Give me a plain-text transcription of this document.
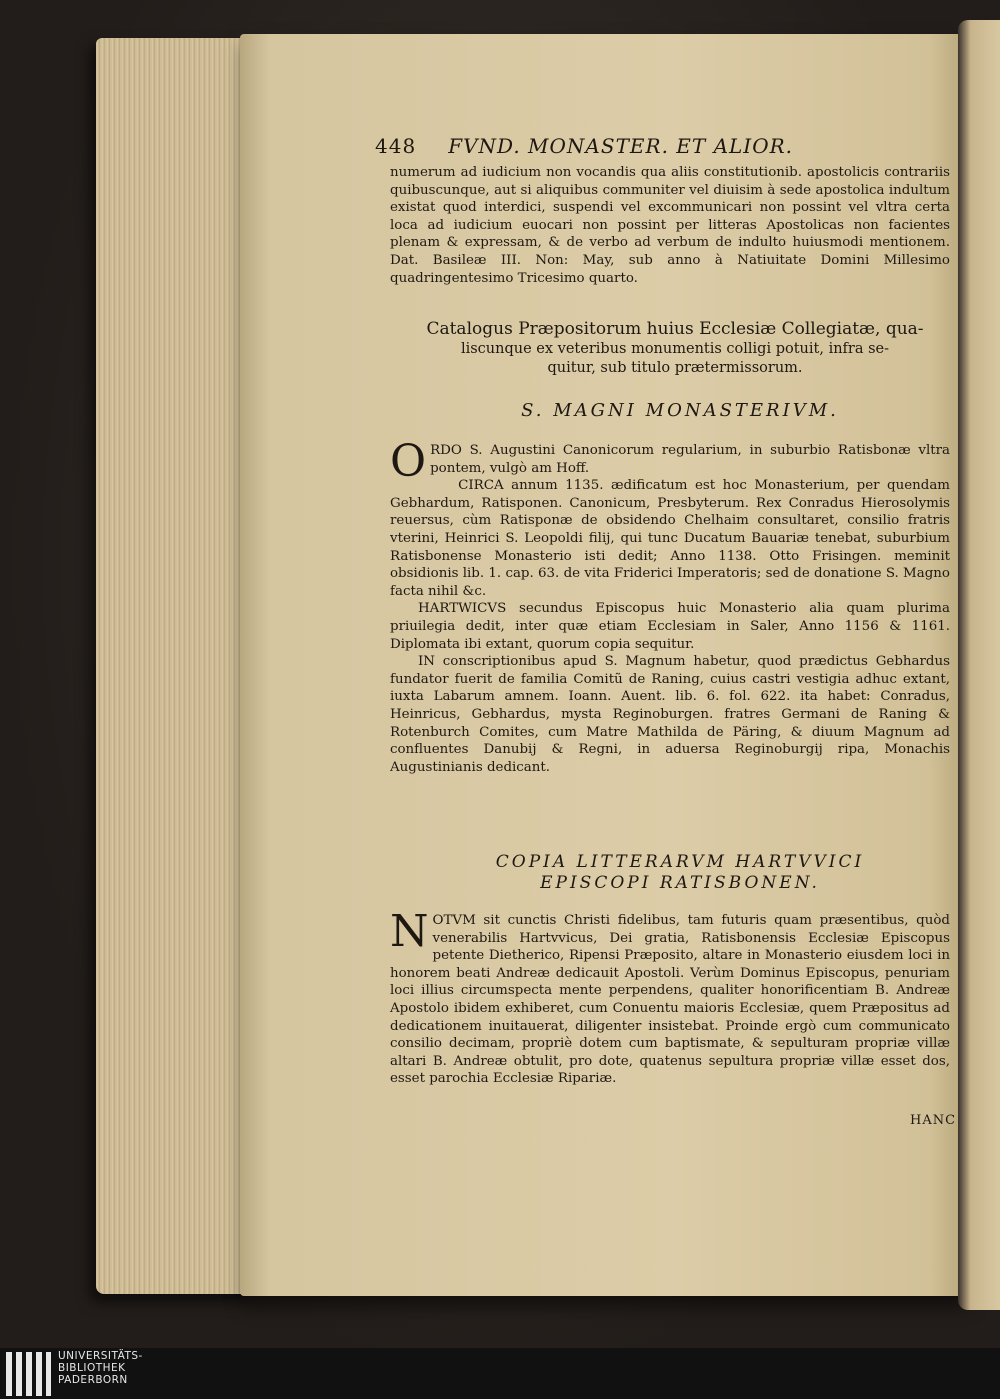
448 FVND. MONASTER. ET ALIOR.

numerum ad iudicium non vocandis qua aliis constitutionib. apostolicis contrariis quibuscunque, aut si aliquibus communiter vel diuisim à sede apostolica indultum existat quod interdici, suspendi vel excommunicari non possint vel vltra certa loca ad iudicium euocari non possint per litteras Apostolicas non facientes plenam & expressam, & de verbo ad verbum de indulto huiusmodi mentionem. Dat. Basileæ III. Non: May, sub anno à Natiuitate Domini Millesimo quadringentesimo Tricesimo quarto.

Catalogus Præpositorum huius Ecclesiæ Collegiatæ, qua-
liscunque ex veteribus monumentis colligi potuit, infra se-
quitur, sub titulo prætermissorum.
S. MAGNI MONASTERIVM.

ORDO S. Augustini Canonicorum regularium, in suburbio Ratisbonæ vltra pontem, vulgò am Hoff.

CIRCA annum 1135. ædificatum est hoc Monasterium, per quendam Gebhardum, Ratisponen. Canonicum, Presbyterum. Rex Conradus Hierosolymis reuersus, cùm Ratisponæ de obsidendo Chelhaim consultaret, consilio fratris vterini, Heinrici S. Leopoldi filij, qui tunc Ducatum Bauariæ tenebat, suburbium Ratisbonense Monasterio isti dedit; Anno 1138. Otto Frisingen. meminit obsidionis lib. 1. cap. 63. de vita Friderici Imperatoris; sed de donatione S. Magno facta nihil &c.

HARTWICVS secundus Episcopus huic Monasterio alia quam plurima priuilegia dedit, inter quæ etiam Ecclesiam in Saler, Anno 1156 & 1161. Diplomata ibi extant, quorum copia sequitur.

IN conscriptionibus apud S. Magnum habetur, quod prædictus Gebhardus fundator fuerit de familia Comitũ de Raning, cuius castri vestigia adhuc extant, iuxta Labarum amnem. Ioann. Auent. lib. 6. fol. 622. ita habet: Conradus, Heinricus, Gebhardus, mysta Reginoburgen. fratres Germani de Raning & Rotenburch Comites, cum Matre Mathilda de Päring, & diuum Magnum ad confluentes Danubij & Regni, in aduersa Reginoburgij ripa, Monachis Augustinianis dedicant.

COPIA LITTERARVM HARTVVICI
EPISCOPI RATISBONEN.

NOTVM sit cunctis Christi fidelibus, tam futuris quam præsentibus, quòd venerabilis Hartvvicus, Dei gratia, Ratisbonensis Ecclesiæ Episcopus petente Dietherico, Ripensi Præposito, altare in Monasterio eiusdem loci in honorem beati Andreæ dedicauit Apostoli. Verùm Dominus Episcopus, penuriam loci illius circumspecta mente perpendens, qualiter honorificentiam B. Andreæ Apostolo ibidem exhiberet, cum Conuentu maioris Ecclesiæ, quem Præpositus ad dedicationem inuitauerat, diligenter insistebat. Proinde ergò cum communicato consilio decimam, propriè dotem cum baptismate, & sepulturam propriæ villæ altari B. Andreæ obtulit, pro dote, quatenus sepultura propriæ villæ esset dos, esset parochia Ecclesiæ Ripariæ.

HANC
UNIVERSITÄTS-
BIBLIOTHEK
PADERBORN
